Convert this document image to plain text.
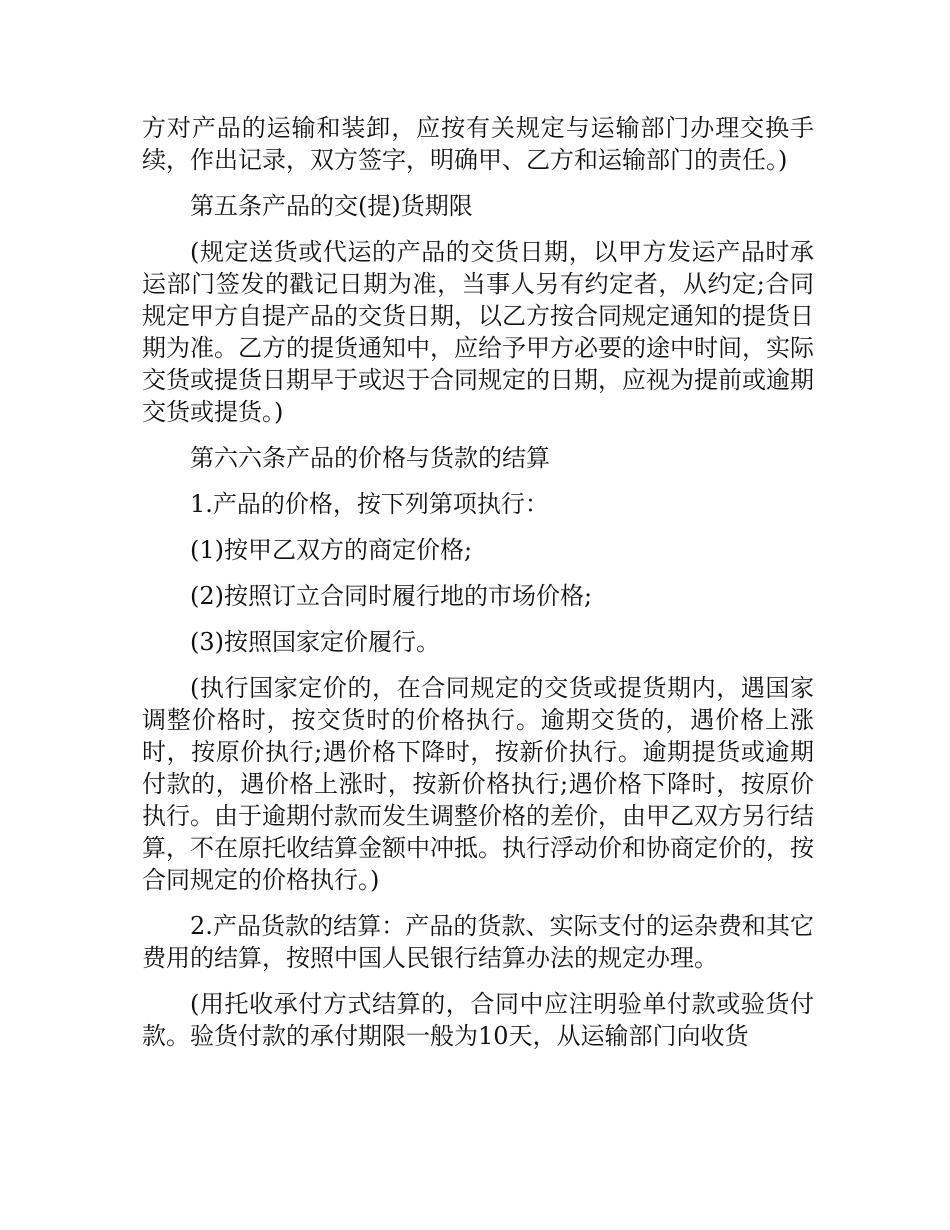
方对产品的运输和装卸，应按有关规定与运输部门办理交换手续，作出记录，双方签字，明确甲、乙方和运输部门的责任。)

第五条产品的交(提)货期限

(规定送货或代运的产品的交货日期，以甲方发运产品时承运部门签发的戳记日期为准，当事人另有约定者，从约定;合同规定甲方自提产品的交货日期，以乙方按合同规定通知的提货日期为准。乙方的提货通知中，应给予甲方必要的途中时间，实际交货或提货日期早于或迟于合同规定的日期，应视为提前或逾期交货或提货。)

第六六条产品的价格与货款的结算

1.产品的价格，按下列第项执行：

(1)按甲乙双方的商定价格;

(2)按照订立合同时履行地的市场价格;

(3)按照国家定价履行。

(执行国家定价的，在合同规定的交货或提货期内，遇国家调整价格时，按交货时的价格执行。逾期交货的，遇价格上涨时，按原价执行;遇价格下降时，按新价执行。逾期提货或逾期付款的，遇价格上涨时，按新价格执行;遇价格下降时，按原价执行。由于逾期付款而发生调整价格的差价，由甲乙双方另行结算，不在原托收结算金额中冲抵。执行浮动价和协商定价的，按合同规定的价格执行。)

2.产品货款的结算：产品的货款、实际支付的运杂费和其它费用的结算，按照中国人民银行结算办法的规定办理。

(用托收承付方式结算的，合同中应注明验单付款或验货付款。验货付款的承付期限一般为10天，从运输部门向收货
